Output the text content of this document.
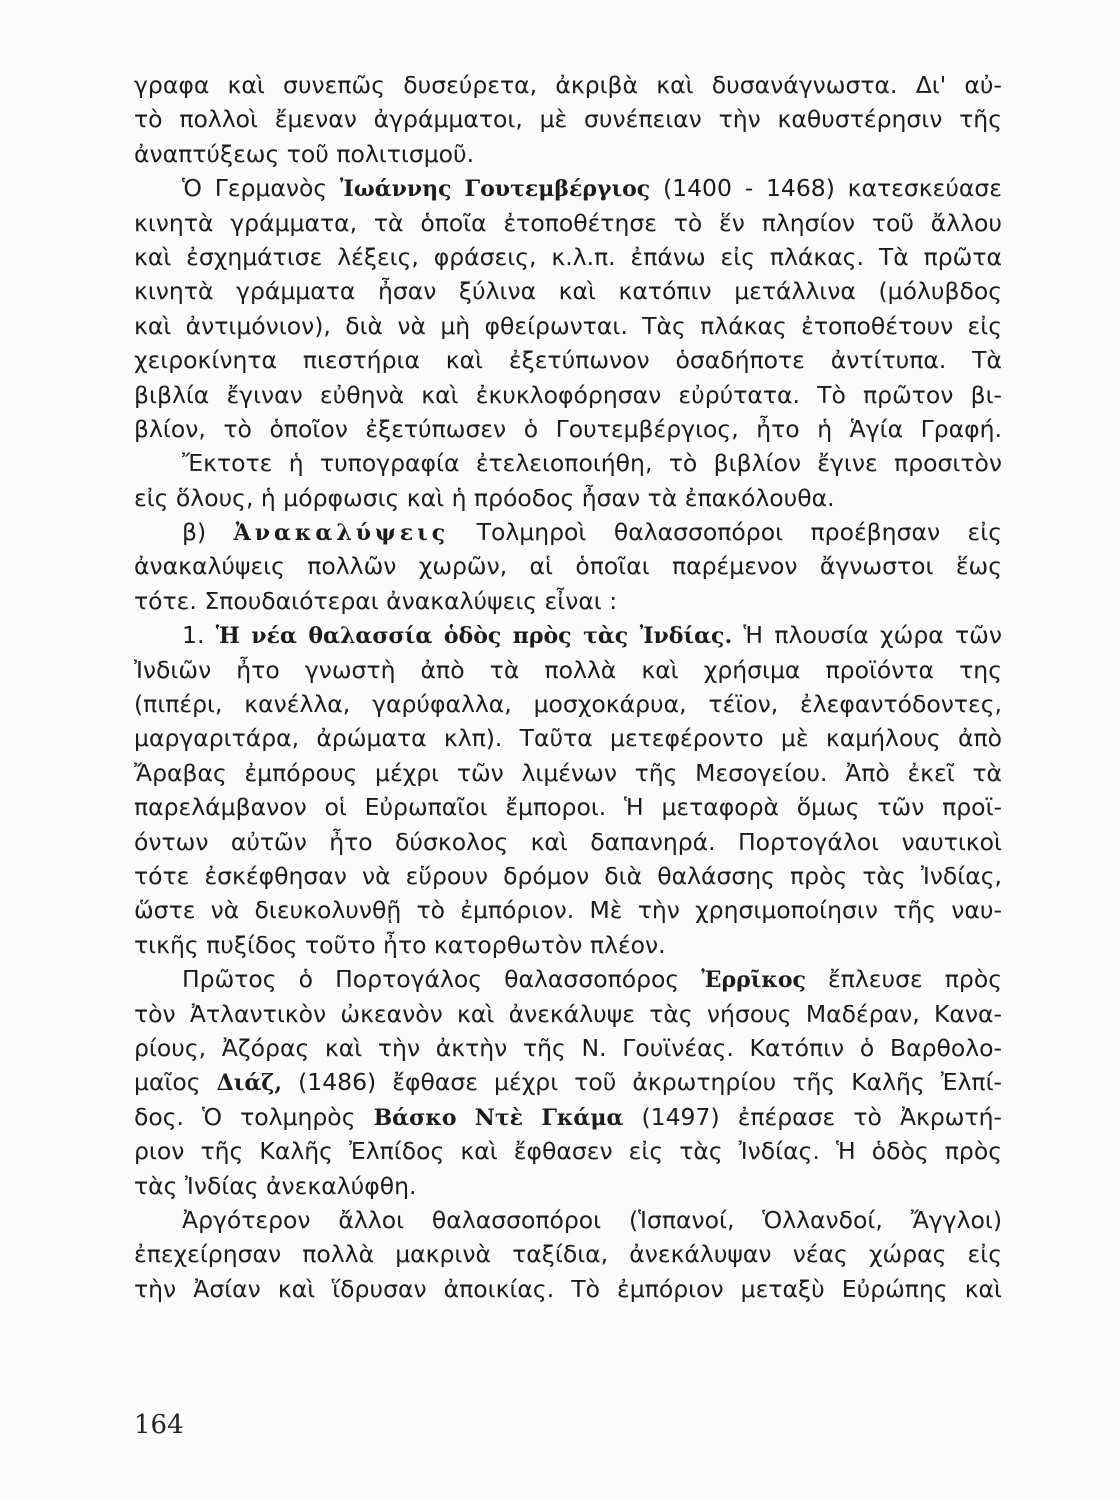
γραφα καὶ συνεπῶς δυσεύρετα, ἀκριβὰ καὶ δυσανάγνωστα. Δι' αὐ-
τὸ πολλοὶ ἔμεναν ἀγράμματοι, μὲ συνέπειαν τὴν καθυστέρησιν τῆς
ἀναπτύξεως τοῦ πολιτισμοῦ.
Ὁ Γερμανὸς Ἰωάννης Γουτεμβέργιος (1400 - 1468) κατεσκεύασε
κινητὰ γράμματα, τὰ ὁποῖα ἐτοποθέτησε τὸ ἕν πλησίον τοῦ ἄλλου
καὶ ἐσχημάτισε λέξεις, φράσεις, κ.λ.π. ἐπάνω εἰς πλάκας. Τὰ πρῶτα
κινητὰ γράμματα ἦσαν ξύλινα καὶ κατόπιν μετάλλινα (μόλυβδος
καὶ ἀντιμόνιον), διὰ νὰ μὴ φθείρωνται. Τὰς πλάκας ἐτοποθέτουν εἰς
χειροκίνητα πιεστήρια καὶ ἐξετύπωνον ὁσαδήποτε ἀντίτυπα. Τὰ
βιβλία ἔγιναν εὐθηνὰ καὶ ἐκυκλοφόρησαν εὐρύτατα. Τὸ πρῶτον βι-
βλίον, τὸ ὁποῖον ἐξετύπωσεν ὁ Γουτεμβέργιος, ἦτο ἡ Ἁγία Γραφή.
Ἔκτοτε ἡ τυπογραφία ἐτελειοποιήθη, τὸ βιβλίον ἔγινε προσιτὸν
εἰς ὅλους, ἡ μόρφωσις καὶ ἡ πρόοδος ἦσαν τὰ ἐπακόλουθα.
β) Ἀνακαλύψεις Τολμηροὶ θαλασσοπόροι προέβησαν εἰς
ἀνακαλύψεις πολλῶν χωρῶν, αἱ ὁποῖαι παρέμενον ἄγνωστοι ἕως
τότε. Σπουδαιότεραι ἀνακαλύψεις εἶναι :
1. Ἡ νέα θαλασσία ὁδὸς πρὸς τὰς Ἰνδίας. Ἡ πλουσία χώρα τῶν
Ἰνδιῶν ἦτο γνωστὴ ἀπὸ τὰ πολλὰ καὶ χρήσιμα προϊόντα της
(πιπέρι, κανέλλα, γαρύφαλλα, μοσχοκάρυα, τέϊον, ἐλεφαντόδοντες,
μαργαριτάρα, ἀρώματα κλπ). Ταῦτα μετεφέροντο μὲ καμήλους ἀπὸ
Ἄραβας ἐμπόρους μέχρι τῶν λιμένων τῆς Μεσογείου. Ἀπὸ ἐκεῖ τὰ
παρελάμβανον οἱ Εὐρωπαῖοι ἔμποροι. Ἡ μεταφορὰ ὅμως τῶν προϊ-
όντων αὐτῶν ἦτο δύσκολος καὶ δαπανηρά. Πορτογάλοι ναυτικοὶ
τότε ἐσκέφθησαν νὰ εὕρουν δρόμον διὰ θαλάσσης πρὸς τὰς Ἰνδίας,
ὥστε νὰ διευκολυνθῇ τὸ ἐμπόριον. Μὲ τὴν χρησιμοποίησιν τῆς ναυ-
τικῆς πυξίδος τοῦτο ἦτο κατορθωτὸν πλέον.
Πρῶτος ὁ Πορτογάλος θαλασσοπόρος Ἐρρῖκος ἔπλευσε πρὸς
τὸν Ἀτλαντικὸν ὠκεανὸν καὶ ἀνεκάλυψε τὰς νήσους Μαδέραν, Κανα-
ρίους, Ἀζόρας καὶ τὴν ἀκτὴν τῆς Ν. Γουϊνέας. Κατόπιν ὁ Βαρθολο-
μαῖος Διάζ, (1486) ἔφθασε μέχρι τοῦ ἀκρωτηρίου τῆς Καλῆς Ἐλπί-
δος. Ὁ τολμηρὸς Βάσκο Ντὲ Γκάμα (1497) ἐπέρασε τὸ Ἀκρωτή-
ριον τῆς Καλῆς Ἐλπίδος καὶ ἔφθασεν εἰς τὰς Ἰνδίας. Ἡ ὁδὸς πρὸς
τὰς Ἰνδίας ἀνεκαλύφθη.
Ἀργότερον ἄλλοι θαλασσοπόροι (Ἱσπανοί, Ὁλλανδοί, Ἄγγλοι)
ἐπεχείρησαν πολλὰ μακρινὰ ταξίδια, ἀνεκάλυψαν νέας χώρας εἰς
τὴν Ἀσίαν καὶ ἵδρυσαν ἀποικίας. Τὸ ἐμπόριον μεταξὺ Εὐρώπης καὶ
164
